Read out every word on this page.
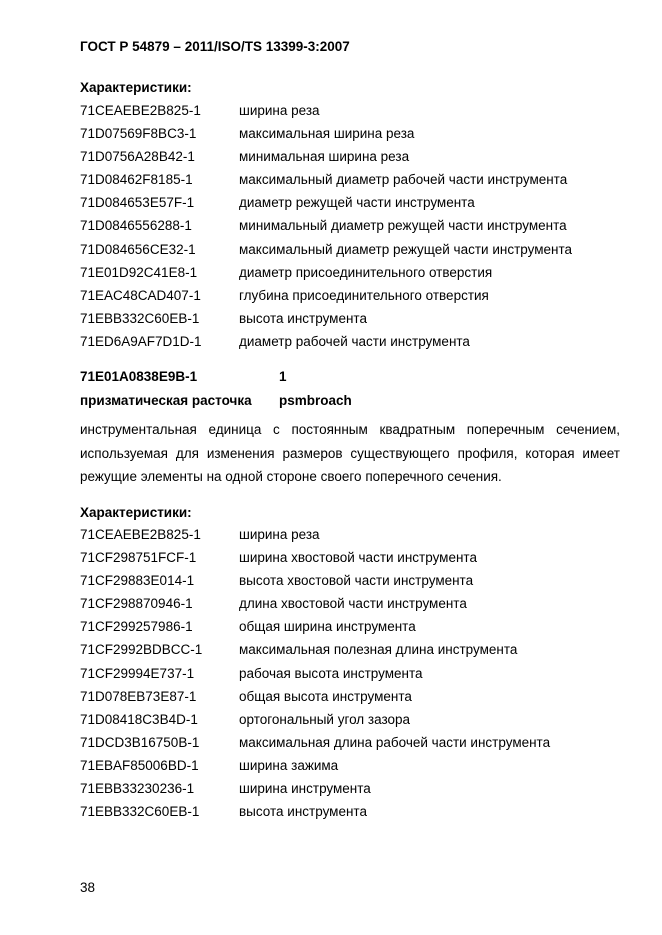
ГОСТ Р 54879 – 2011/ISO/TS 13399-3:2007
Характеристики:
71CEAEBE2B825-1	ширина реза
71D07569F8BC3-1	максимальная ширина реза
71D0756A28B42-1	минимальная ширина реза
71D08462F8185-1	максимальный диаметр рабочей части инструмента
71D084653E57F-1	диаметр режущей части инструмента
71D0846556288-1	минимальный диаметр режущей части инструмента
71D084656CE32-1	максимальный диаметр режущей части инструмента
71E01D92C41E8-1	диаметр присоединительного отверстия
71EAC48CAD407-1	глубина присоединительного отверстия
71EBB332C60EB-1	высота инструмента
71ED6A9AF7D1D-1	диаметр рабочей части инструмента
71E01A0838E9B-1	1
призматическая расточка	psmbroach

инструментальная единица с постоянным квадратным поперечным сечением, используемая для изменения размеров существующего профиля, которая имеет режущие элементы на одной стороне своего поперечного сечения.

Характеристики:
71CEAEBE2B825-1	ширина реза
71CF298751FCF-1	ширина хвостовой части инструмента
71CF29883E014-1	высота хвостовой части инструмента
71CF298870946-1	длина хвостовой части инструмента
71CF299257986-1	общая ширина инструмента
71CF2992BDBCC-1	максимальная полезная длина инструмента
71CF29994E737-1	рабочая высота инструмента
71D078EB73E87-1	общая высота инструмента
71D08418C3B4D-1	ортогональный угол зазора
71DCD3B16750B-1	максимальная длина рабочей части инструмента
71EBAF85006BD-1	ширина зажима
71EBB33230236-1	ширина инструмента
71EBB332C60EB-1	высота инструмента
38
